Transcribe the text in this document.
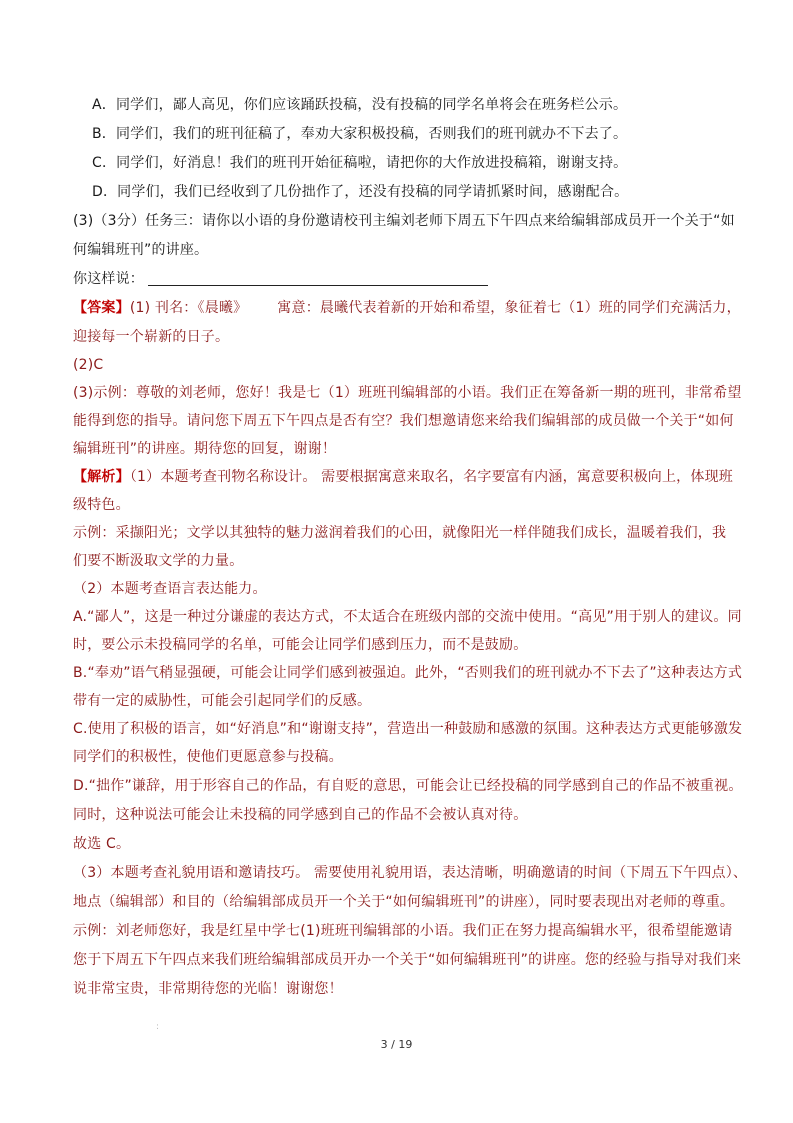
A．同学们，鄙人高见，你们应该踊跃投稿，没有投稿的同学名单将会在班务栏公示。
B．同学们，我们的班刊征稿了，奉劝大家积极投稿，否则我们的班刊就办不下去了。
C．同学们，好消息！我们的班刊开始征稿啦，请把你的大作放进投稿箱，谢谢支持。
D．同学们，我们已经收到了几份拙作了，还没有投稿的同学请抓紧时间，感谢配合。
(3)（3分）任务三：请你以小语的身份邀请校刊主编刘老师下周五下午四点来给编辑部成员开一个关于“如
何编辑班刊”的讲座。
你这样说：
【答案】(1) 刊名：《晨曦》 寓意：晨曦代表着新的开始和希望，象征着七（1）班的同学们充满活力，
迎接每一个崭新的日子。
(2)C
(3)示例：尊敬的刘老师，您好！我是七（1）班班刊编辑部的小语。我们正在筹备新一期的班刊，非常希望
能得到您的指导。请问您下周五下午四点是否有空？我们想邀请您来给我们编辑部的成员做一个关于“如何
编辑班刊”的讲座。期待您的回复，谢谢！
【解析】（1）本题考查刊物名称设计。 需要根据寓意来取名，名字要富有内涵，寓意要积极向上，体现班
级特色。
示例：采撷阳光；文学以其独特的魅力滋润着我们的心田，就像阳光一样伴随我们成长，温暖着我们，我
们要不断汲取文学的力量。
（2）本题考查语言表达能力。
A.“鄙人”，这是一种过分谦虚的表达方式，不太适合在班级内部的交流中使用。“高见”用于别人的建议。同
时，要公示未投稿同学的名单，可能会让同学们感到压力，而不是鼓励。
B.“奉劝”语气稍显强硬，可能会让同学们感到被强迫。此外，“否则我们的班刊就办不下去了”这种表达方式
带有一定的威胁性，可能会引起同学们的反感。
C.使用了积极的语言，如“好消息”和“谢谢支持”，营造出一种鼓励和感激的氛围。这种表达方式更能够激发
同学们的积极性，使他们更愿意参与投稿。
D.“拙作”谦辞，用于形容自己的作品，有自贬的意思，可能会让已经投稿的同学感到自己的作品不被重视。
同时，这种说法可能会让未投稿的同学感到自己的作品不会被认真对待。
故选 C。
（3）本题考查礼貌用语和邀请技巧。 需要使用礼貌用语，表达清晰，明确邀请的时间（下周五下午四点）、
地点（编辑部）和目的（给编辑部成员开一个关于“如何编辑班刊”的讲座），同时要表现出对老师的尊重。
示例：刘老师您好，我是红星中学七(1)班班刊编辑部的小语。我们正在努力提高编辑水平，很希望能邀请
您于下周五下午四点来我们班给编辑部成员开办一个关于“如何编辑班刊”的讲座。您的经验与指导对我们来
说非常宝贵，非常期待您的光临！谢谢您！
:
3 / 19
